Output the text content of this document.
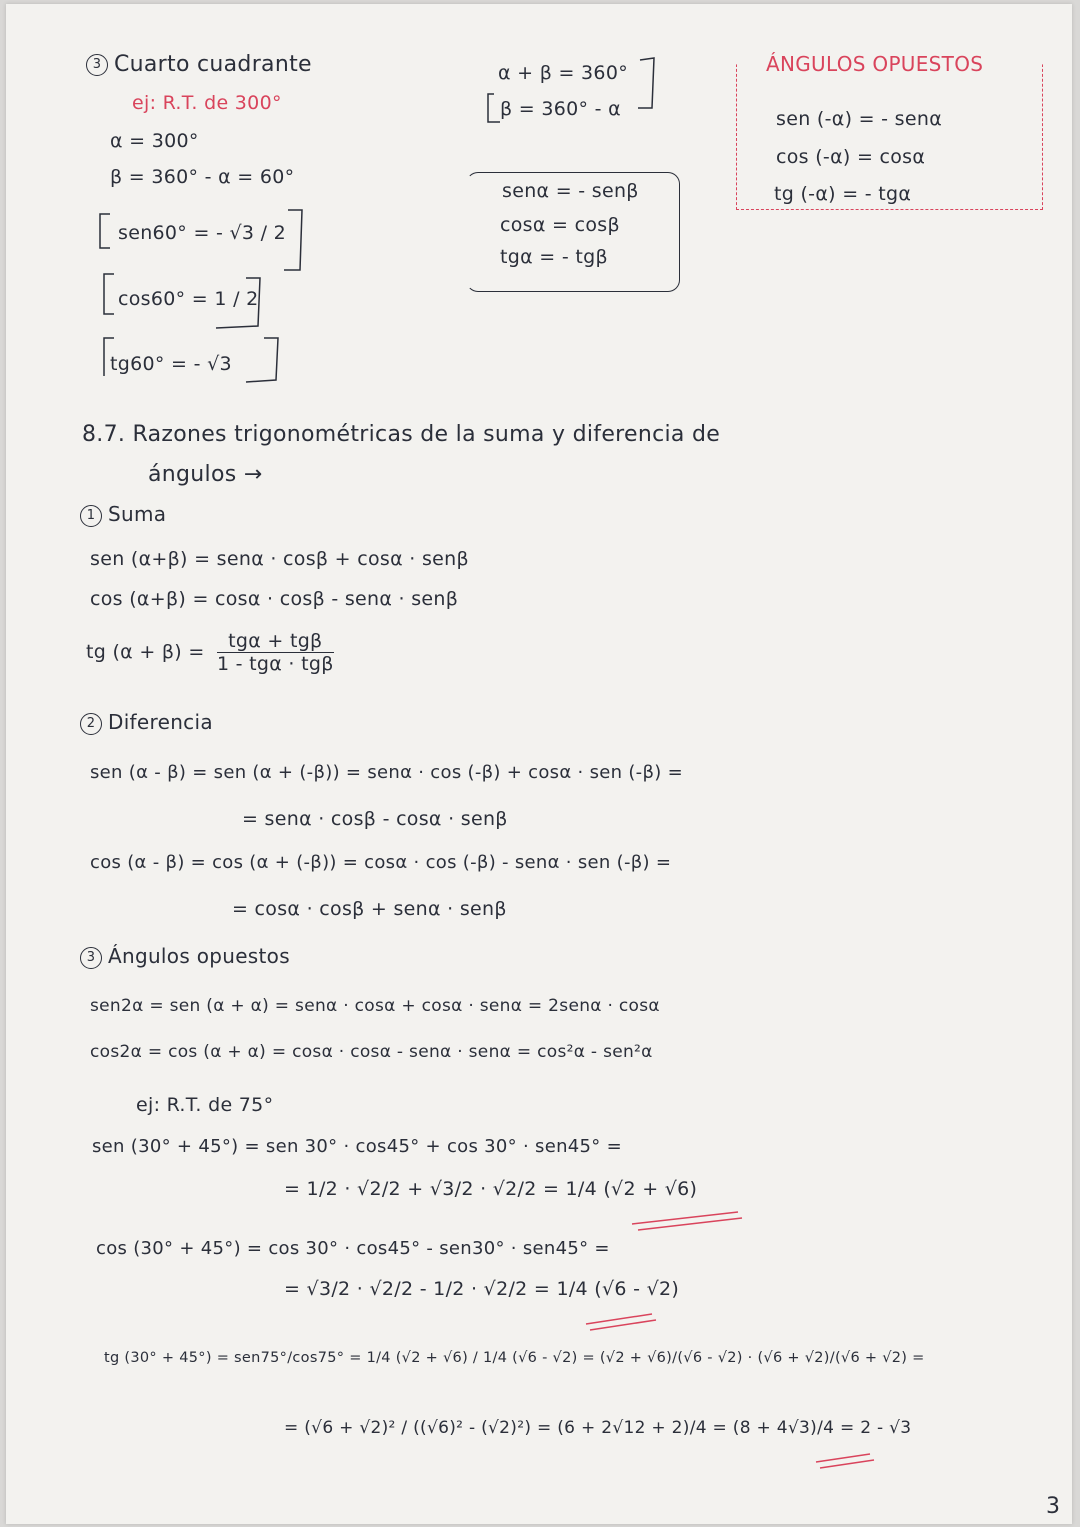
3 Cuarto cuadrante
ej: R.T. de 300°
α = 300°
β = 360° - α = 60°
sen60° = - √3 / 2
cos60° = 1 / 2
tg60° = - √3
α + β = 360°
β = 360° - α
senα = - senβ
cosα = cosβ
tgα = - tgβ
ÁNGULOS OPUESTOS
sen (-α) = - senα
cos (-α) = cosα
tg (-α) = - tgα
8.7. Razones trigonométricas de la suma y diferencia de
ángulos →
1 Suma
sen (α+β) = senα · cosβ + cosα · senβ
cos (α+β) = cosα · cosβ - senα · senβ
tg $(\alpha + \beta) = \frac{\text{tgα + tgβ}}{\text{1 - tgα · tgβ}}$
2 Diferencia
sen (α - β) = sen (α + (-β)) = senα · cos (-β) + cosα · sen (-β) =
= senα · cosβ - cosα · senβ
cos (α - β) = cos (α + (-β)) = cosα · cos (-β) - senα · sen (-β) =
= cosα · cosβ + senα · senβ
3 Ángulos opuestos
sen2α = sen (α + α) = senα · cosα + cosα · senα = 2senα · cosα
cos2α = cos (α + α) = cosα · cosα - senα · senα = cos²α - sen²α
ej: R.T. de 75°
sen (30° + 45°) = sen 30° · cos45° + cos 30° · sen45° =
= 1/2 · √2/2 + √3/2 · √2/2 = 1/4 (√2 + √6)
cos (30° + 45°) = cos 30° · cos45° - sen30° · sen45° =
= √3/2 · √2/2 - 1/2 · √2/2 = 1/4 (√6 - √2)
tg (30° + 45°) = sen75°/cos75° = 1/4 (√2 + √6) / 1/4 (√6 - √2) = (√2 + √6)/(√6 - √2) · (√6 + √2)/(√6 + √2) =
= (√6 + √2)² / ((√6)² - (√2)²) = (6 + 2√12 + 2)/4 = (8 + 4√3)/4 = 2 - √3
3
